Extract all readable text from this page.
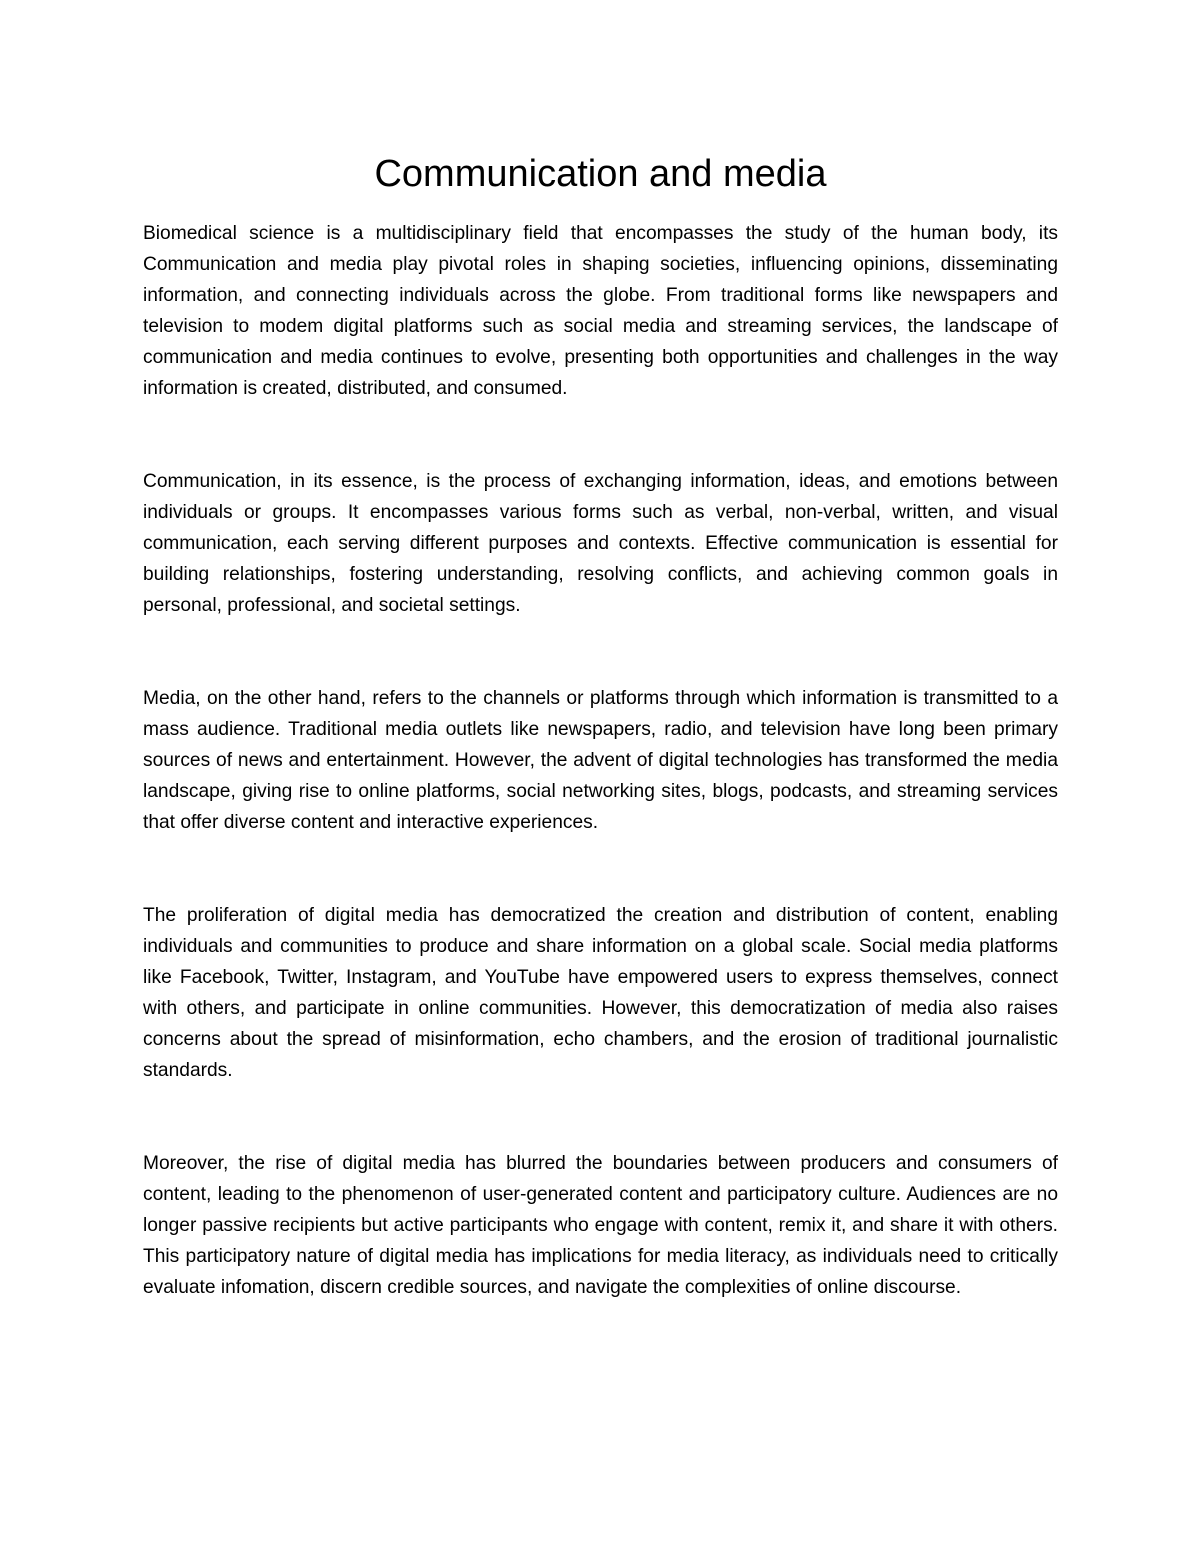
Communication and media

Biomedical science is a multidisciplinary field that encompasses the study of the human body, its Communication and media play pivotal roles in shaping societies, influencing opinions, disseminating information, and connecting individuals across the globe. From traditional forms like newspapers and television to modem digital platforms such as social media and streaming services, the landscape of communication and media continues to evolve, presenting both opportunities and challenges in the way information is created, distributed, and consumed.

Communication, in its essence, is the process of exchanging information, ideas, and emotions between individuals or groups. It encompasses various forms such as verbal, non-verbal, written, and visual communication, each serving different purposes and contexts. Effective communication is essential for building relationships, fostering understanding, resolving conflicts, and achieving common goals in personal, professional, and societal settings.

Media, on the other hand, refers to the channels or platforms through which information is transmitted to a mass audience. Traditional media outlets like newspapers, radio, and television have long been primary sources of news and entertainment. However, the advent of digital technologies has transformed the media landscape, giving rise to online platforms, social networking sites, blogs, podcasts, and streaming services that offer diverse content and interactive experiences.

The proliferation of digital media has democratized the creation and distribution of content, enabling individuals and communities to produce and share information on a global scale. Social media platforms like Facebook, Twitter, Instagram, and YouTube have empowered users to express themselves, connect with others, and participate in online communities. However, this democratization of media also raises concerns about the spread of misinformation, echo chambers, and the erosion of traditional journalistic standards.

Moreover, the rise of digital media has blurred the boundaries between producers and consumers of content, leading to the phenomenon of user-generated content and participatory culture. Audiences are no longer passive recipients but active participants who engage with content, remix it, and share it with others. This participatory nature of digital media has implications for media literacy, as individuals need to critically evaluate infomation, discern credible sources, and navigate the complexities of online discourse.
